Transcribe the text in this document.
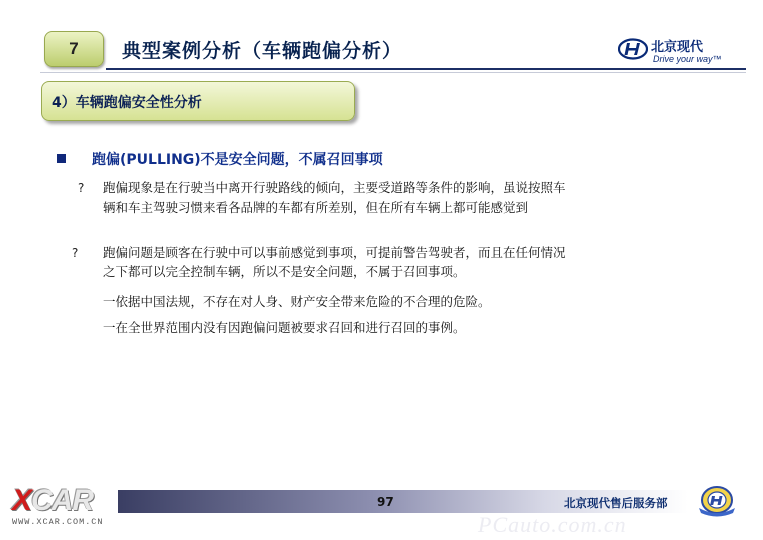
7 典型案例分析（车辆跑偏分析）	北京现代
Drive your way™
4）车辆跑偏安全性分析
跑偏(PULLING)不是安全问题，不属召回事项
? 跑偏现象是在行驶当中离开行驶路线的倾向，主要受道路等条件的影响，虽说按照车
辆和车主驾驶习惯来看各品牌的车都有所差别，但在所有车辆上都可能感觉到
? 跑偏问题是顾客在行驶中可以事前感觉到事项，可提前警告驾驶者，而且在任何情况
之下都可以完全控制车辆，所以不是安全问题，不属于召回事项。
一依据中国法规，不存在对人身、财产安全带来危险的不合理的危险。
一在全世界范围内没有因跑偏问题被要求召回和进行召回的事例。
97	北京现代售后服务部
XCAR
WWW.XCAR.COM.CN	PCauto.com.cn
